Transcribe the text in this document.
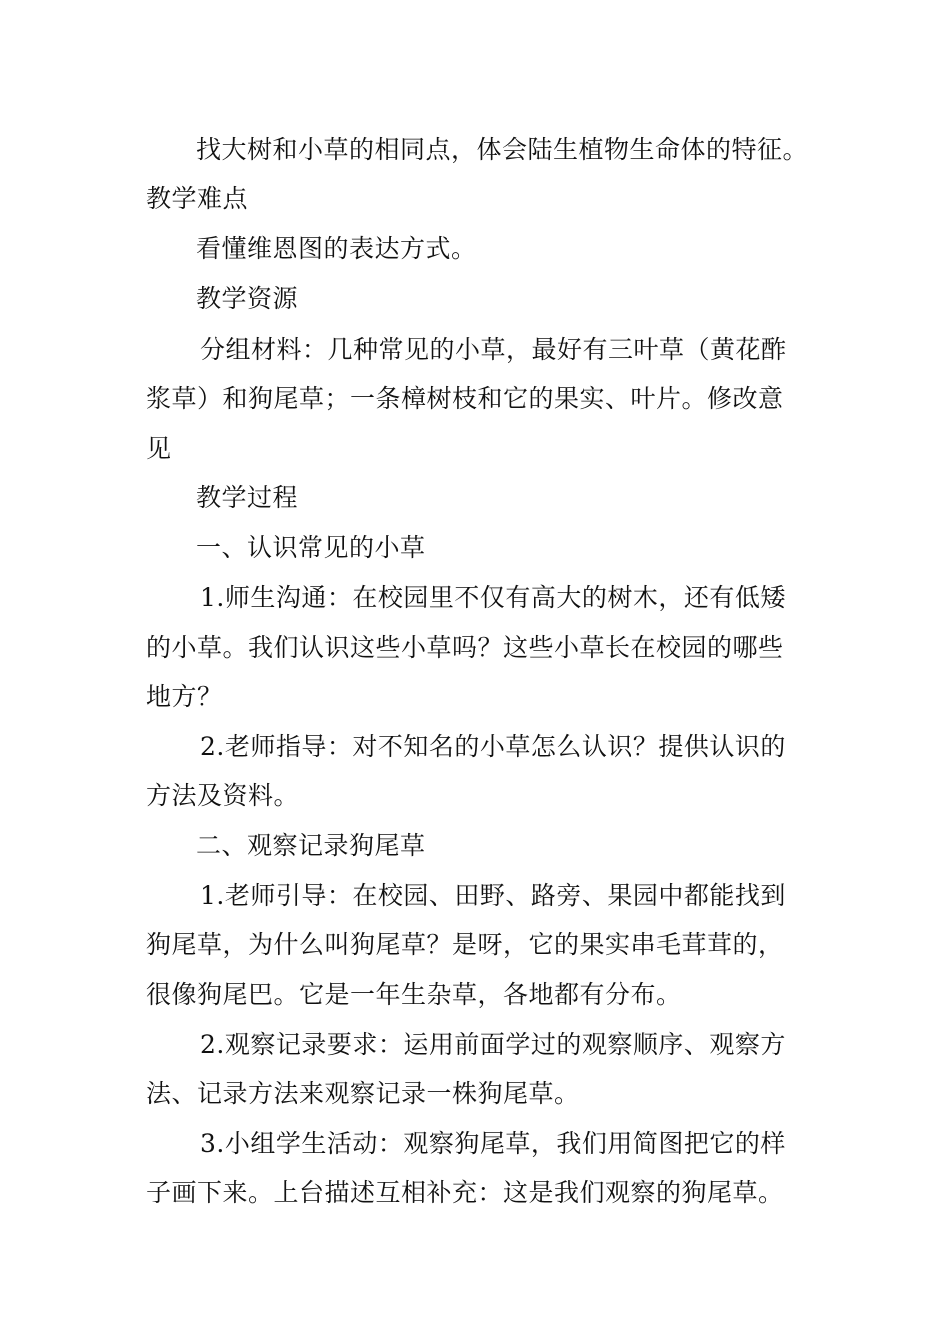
找大树和小草的相同点，体会陆生植物生命体的特征。
教学难点
看懂维恩图的表达方式。
教学资源
分组材料：几种常见的小草，最好有三叶草（黄花酢
浆草）和狗尾草；一条樟树枝和它的果实、叶片。修改意
见
教学过程
一、认识常见的小草
1.师生沟通：在校园里不仅有高大的树木，还有低矮
的小草。我们认识这些小草吗？这些小草长在校园的哪些
地方？
2.老师指导：对不知名的小草怎么认识？提供认识的
方法及资料。
二、观察记录狗尾草
1.老师引导：在校园、田野、路旁、果园中都能找到
狗尾草，为什么叫狗尾草？是呀，它的果实串毛茸茸的，
很像狗尾巴。它是一年生杂草，各地都有分布。
2.观察记录要求：运用前面学过的观察顺序、观察方
法、记录方法来观察记录一株狗尾草。
3.小组学生活动：观察狗尾草，我们用简图把它的样
子画下来。上台描述互相补充：这是我们观察的狗尾草。
